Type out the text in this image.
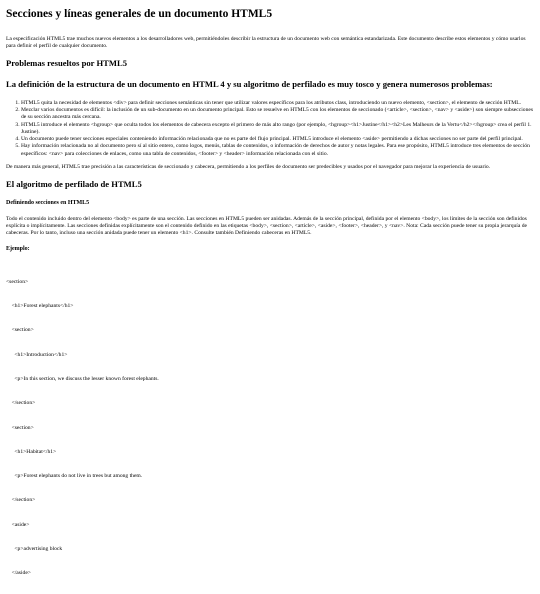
Secciones y líneas generales de un documento HTML5

La especificación HTML5 trae muchos nuevos elementos a los desarrolladores web, permitiéndoles describir la estructura de un documento web con semántica estandarizada. Este documento describe estos elementos y cómo usarlos para definir el perfil de cualquier documento.

Problemas resueltos por HTML5
La definición de la estructura de un documento en HTML 4 y su algoritmo de perfilado es muy tosco y genera numerosos problemas:
1. HTML5 quita la necesidad de elementos <div> para definir secciones semánticas sin tener que utilizar valores específicos para los atributos class, introduciendo un nuevo elemento, <section>, el elemento de sección HTML.
2. Mezclar varios documentos es difícil: la inclusión de un sub-documento en un documento principal. Esto se resuelve en HTML5 con los elementos de seccionado (<article>, <section>, <nav> y <aside>) son siempre subsecciones de su sección ancestra más cercana.
3. HTML5 introduce el elemento <hgroup> que oculta todos los elementos de cabecera excepto el primero de más alto rango (por ejemplo, <hgroup><h1>Justine</h1><h2>Les Malheurs de la Vertu</h2></hgroup> crea el perfil 1. Justine).
4. Un documento puede tener secciones especiales conteniendo información relacionada que no es parte del flujo principal. HTML5 introduce el elemento <aside> permitiendo a dichas secciones no ser parte del perfil principal.
5. Hay información relacionada no al documento pero sí al sitio entero, como logos, menús, tablas de contenidos, o información de derechos de autor y notas legales. Para ese propósito, HTML5 introduce tres elementos de sección específicos: <nav> para colecciones de enlaces, como una tabla de contenidos, <footer> y <header> información relacionada con el sitio.

De manera más general, HTML5 trae precisión a las características de seccionado y cabecera, permitiendo a los perfiles de documento ser predecibles y usados por el navegador para mejorar la experiencia de usuario.

El algoritmo de perfilado de HTML5
Definiendo secciones en HTML5

Todo el contenido incluido dentro del elemento <body> es parte de una sección. Las secciones en HTML5 pueden ser anidadas. Además de la sección principal, definida por el elemento <body>, los límites de la sección son definidos explícita o implícitamente. Las secciones definidas explícitamente son el contenido definido en las etiquetas <body>, <section>, <article>, <aside>, <footer>, <header>, y <nav>. Nota: Cada sección puede tener su propia jerarquía de cabeceras. Por lo tanto, incluso una sección anidada puede tener un elemento <h1>. Consulte también Definiendo cabeceras en HTML5.

Ejemplo:

<section>

<h1>Forest elephants</h1>

<section>

<h1>Introduction</h1>

<p>In this section, we discuss the lesser known forest elephants.

</section>

<section>

<h1>Habitat</h1>

<p>Forest elephants do not live in trees but among them.

</section>

<aside>

<p>advertising block

</aside>
